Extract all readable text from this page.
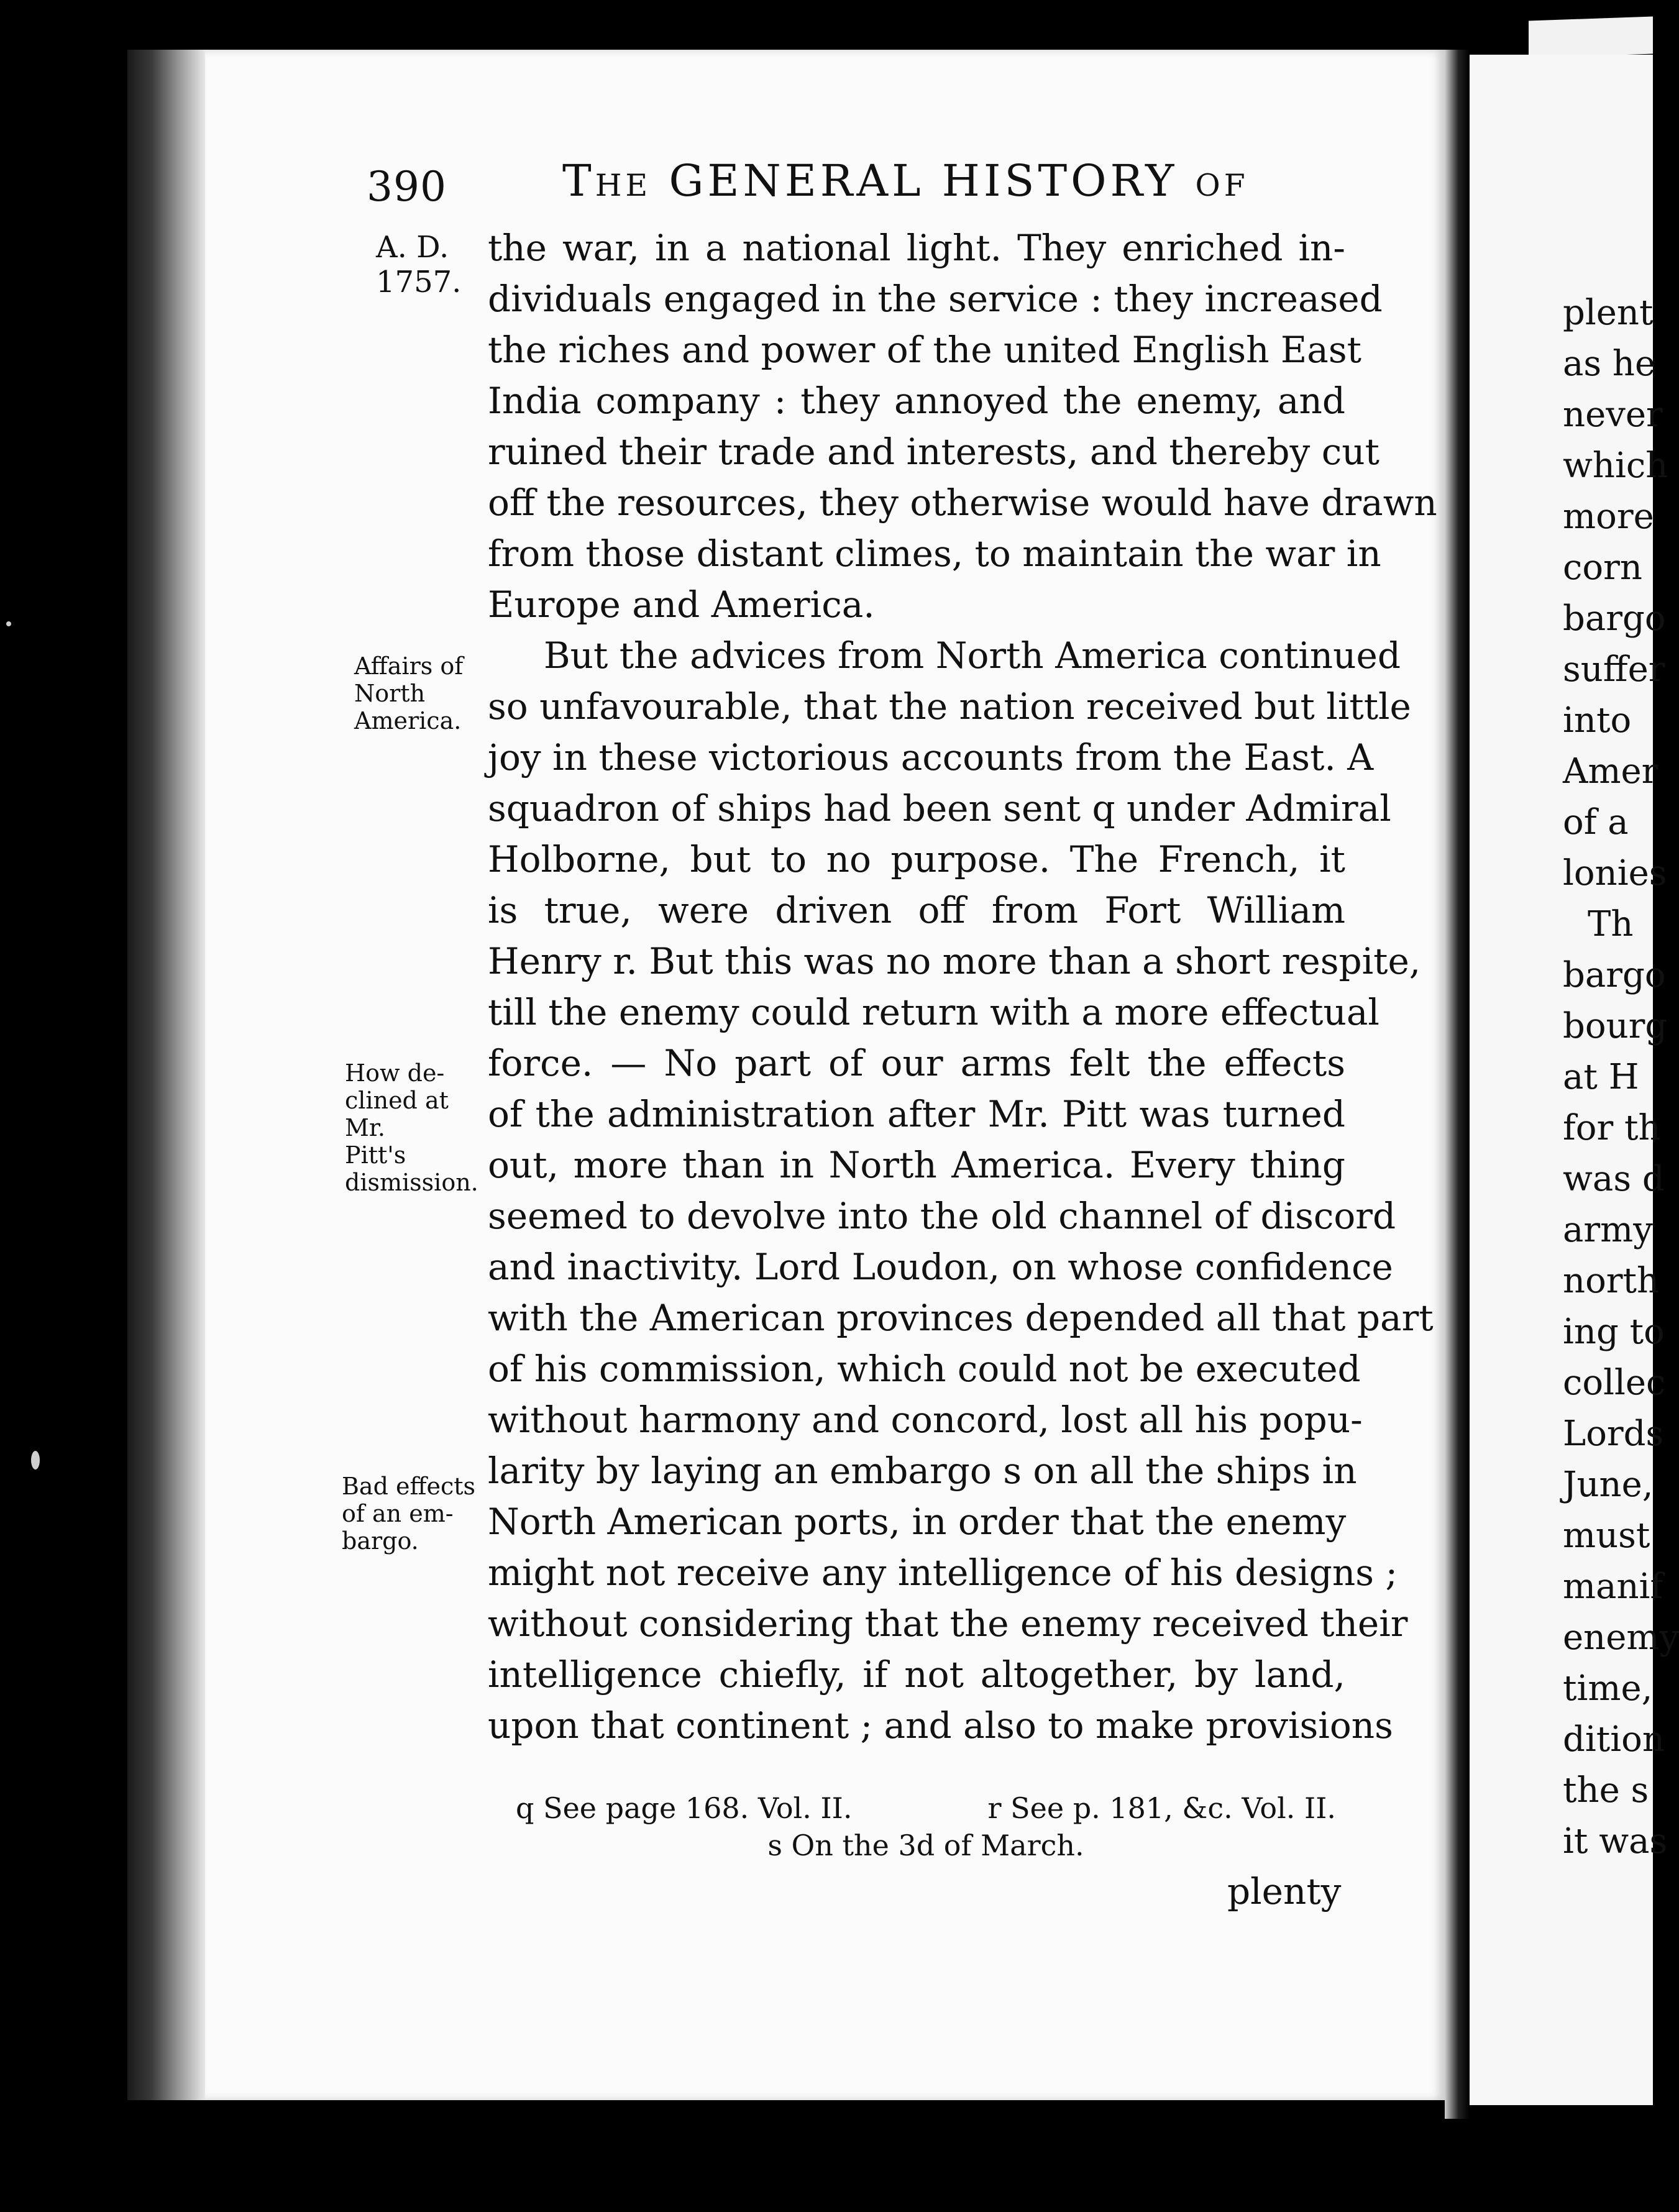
plent
as he
never
which
more
corn
bargo
suffer
into
Amer
of a
lonies
Th
bargo
bourg
at H
for th
was d
army
north
ing to
collec
Lords
June,
must
manif
enemy
time,
dition
the s
it was
390	The GENERAL HISTORY of
A. D.
1757.
Affairs of
North
America.
How de-
clined at
Mr.
Pitt's
dismission.
Bad effects
of an em-
bargo.
the war, in a national light. They enriched in-
dividuals engaged in the service : they increased
the riches and power of the united English East
India company : they annoyed the enemy, and
ruined their trade and interests, and thereby cut
off the resources, they otherwise would have drawn
from those distant climes, to maintain the war in
Europe and America.
But the advices from North America continued
so unfavourable, that the nation received but little
joy in these victorious accounts from the East. A
squadron of ships had been sent q under Admiral
Holborne, but to no purpose. The French, it
is true, were driven off from Fort William
Henry r. But this was no more than a short respite,
till the enemy could return with a more effectual
force. — No part of our arms felt the effects
of the administration after Mr. Pitt was turned
out, more than in North America. Every thing
seemed to devolve into the old channel of discord
and inactivity. Lord Loudon, on whose confidence
with the American provinces depended all that part
of his commission, which could not be executed
without harmony and concord, lost all his popu-
larity by laying an embargo s on all the ships in
North American ports, in order that the enemy
might not receive any intelligence of his designs ;
without considering that the enemy received their
intelligence chiefly, if not altogether, by land,
upon that continent ; and also to make provisions
q See page 168. Vol. II.	r See p. 181, &c. Vol. II.
s On the 3d of March.
plenty
